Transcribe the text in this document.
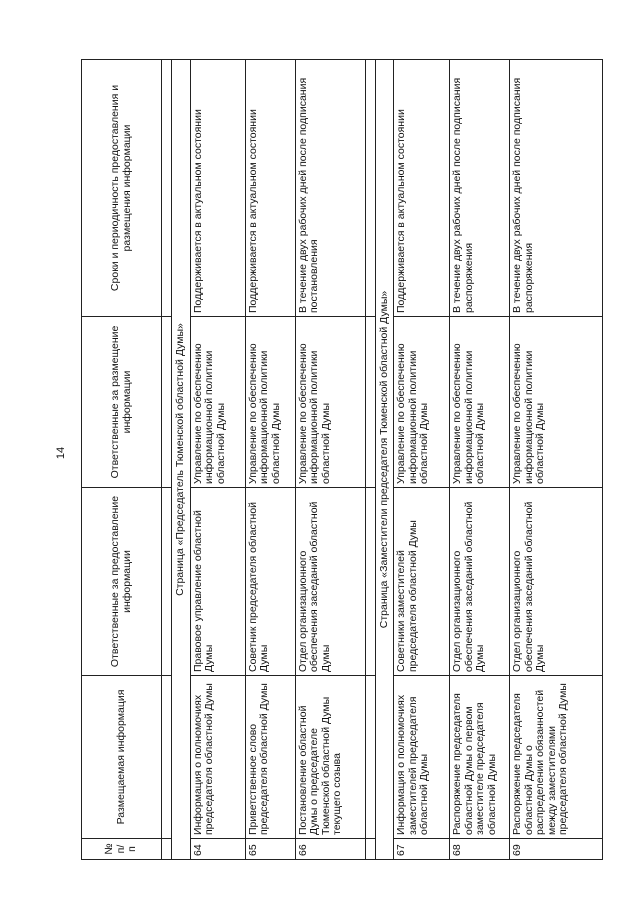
14
№ п/п	Размещаемая информация	Ответственные за предоставление информации	Ответственные за размещение информации	Сроки и периодичность предоставления и размещения информации

Страница «Председатель Тюменской областной Думы»				
64	Информация о полномочиях председателя областной Думы	Правовое управление областной Думы	Управление по обеспечению информационной политики областной Думы	Поддерживается в актуальном состоянии
65	Приветственное слово председателя областной Думы	Советник председателя областной Думы	Управление по обеспечению информационной политики областной Думы	Поддерживается в актуальном состоянии
66	Постановление областной Думы о председателе Тюменской областной Думы текущего созыва	Отдел организационного обеспечения заседаний областной Думы	Управление по обеспечению информационной политики областной Думы	В течение двух рабочих дней после подписания постановления

Страница «Заместители председателя Тюменской областной Думы»				
67	Информация о полномочиях заместителей председателя областной Думы	Советники заместителей председателя областной Думы	Управление по обеспечению информационной политики областной Думы	Поддерживается в актуальном состоянии
68	Распоряжение председателя областной Думы о первом заместителе председателя областной Думы	Отдел организационного обеспечения заседаний областной Думы	Управление по обеспечению информационной политики областной Думы	В течение двух рабочих дней после подписания распоряжения
69	Распоряжение председателя областной Думы о распределении обязанностей между заместителями председателя областной Думы	Отдел организационного обеспечения заседаний областной Думы	Управление по обеспечению информационной политики областной Думы	В течение двух рабочих дней после подписания распоряжения
